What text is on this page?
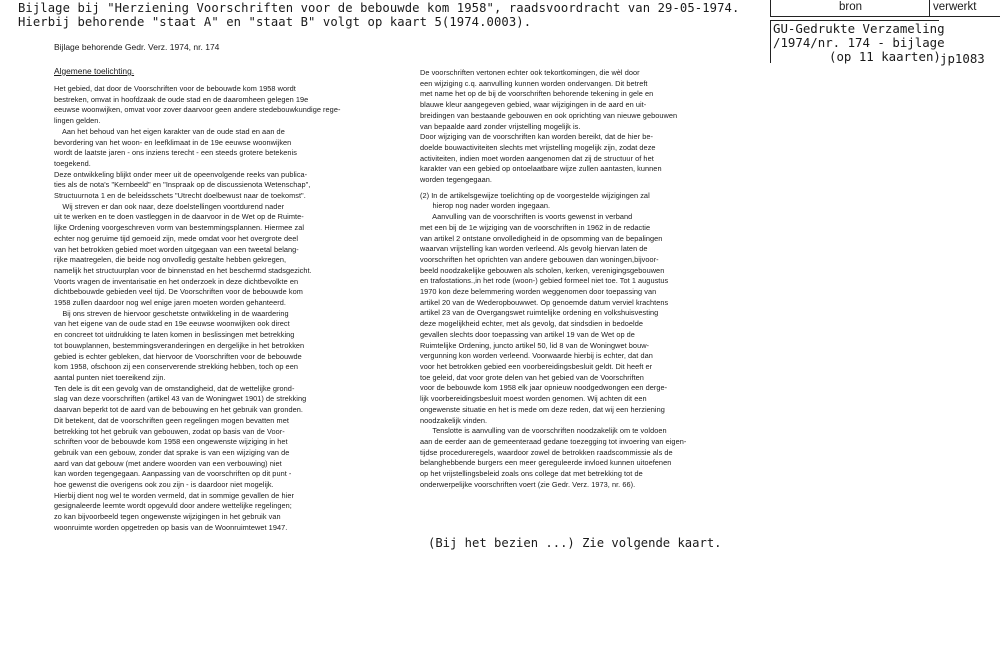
Bijlage bij "Herziening Voorschriften voor de bebouwde kom 1958", raadsvoordracht van 29-05-1974.
Hierbij behorende "staat A" en "staat B" volgt op kaart 5(1974.0003).
bron	verwerkt
GU-Gedrukte Verzameling
/1974/nr. 174 - bijlage
(op 11 kaarten) jp1083
Bijlage behorende Gedr. Verz. 1974, nr. 174
Algemene toelichting.

Het gebied, dat door de Voorschriften voor de bebouwde kom 1958 wordt

bestreken, omvat in hoofdzaak de oude stad en de daaromheen gelegen 19e

eeuwse woonwijken, omvat voor zover daarvoor geen andere stedebouwkundige rege-

lingen gelden.

Aan het behoud van het eigen karakter van de oude stad en aan de

bevordering van het woon- en leefklimaat in de 19e eeuwse woonwijken

wordt de laatste jaren - ons inziens terecht - een steeds grotere betekenis

toegekend.

Deze ontwikkeling blijkt onder meer uit de opeenvolgende reeks van publica-

ties als de nota's "Kernbeeld" en "Inspraak op de discussienota Wetenschap",

Structuurnota 1 en de beleidsschets "Utrecht doelbewust naar de toekomst".

Wij streven er dan ook naar, deze doelstellingen voortdurend nader

uit te werken en te doen vastleggen in de daarvoor in de Wet op de Ruimte-

lijke Ordening voorgeschreven vorm van bestemmingsplannen. Hiermee zal

echter nog geruime tijd gemoeid zijn, mede omdat voor het overgrote deel

van het betrokken gebied moet worden uitgegaan van een tweetal belang-

rijke maatregelen, die beide nog onvolledig gestalte hebben gekregen,

namelijk het structuurplan voor de binnenstad en het beschermd stadsgezicht.

Voorts vragen de inventarisatie en het onderzoek in deze dichtbevolkte en

dichtbebouwde gebieden veel tijd. De Voorschriften voor de bebouwde kom

1958 zullen daardoor nog wel enige jaren moeten worden gehanteerd.

Bij ons streven de hiervoor geschetste ontwikkeling in de waardering

van het eigene van de oude stad en 19e eeuwse woonwijken ook direct

en concreet tot uitdrukking te laten komen in beslissingen met betrekking

tot bouwplannen, bestemmingsveranderingen en dergelijke in het betrokken

gebied is echter gebleken, dat hiervoor de Voorschriften voor de bebouwde

kom 1958, ofschoon zij een conserverende strekking hebben, toch op een

aantal punten niet toereikend zijn.

Ten dele is dit een gevolg van de omstandigheid, dat de wettelijke grond-

slag van deze voorschriften (artikel 43 van de Woningwet 1901) de strekking

daarvan beperkt tot de aard van de bebouwing en het gebruik van gronden.

Dit betekent, dat de voorschriften geen regelingen mogen bevatten met

betrekking tot het gebruik van gebouwen, zodat op basis van de Voor-

schriften voor de bebouwde kom 1958 een ongewenste wijziging in het

gebruik van een gebouw, zonder dat sprake is van een wijziging van de

aard van dat gebouw (met andere woorden van een verbouwing) niet

kan worden tegengegaan. Aanpassing van de voorschriften op dit punt -

hoe gewenst die overigens ook zou zijn - is daardoor niet mogelijk.

Hierbij dient nog wel te worden vermeld, dat in sommige gevallen de hier

gesignaleerde leemte wordt opgevuld door andere wettelijke regelingen;

zo kan bijvoorbeeld tegen ongewenste wijzigingen in het gebruik van

woonruimte worden opgetreden op basis van de Woonruimtewet 1947.

De voorschriften vertonen echter ook tekortkomingen, die wèl door

een wijziging c.q. aanvulling kunnen worden ondervangen. Dit betreft

met name het op de bij de voorschriften behorende tekening in gele en

blauwe kleur aangegeven gebied, waar wijzigingen in de aard en uit-

breidingen van bestaande gebouwen en ook oprichting van nieuwe gebouwen

van bepaalde aard zonder vrijstelling mogelijk is.

Door wijziging van de voorschriften kan worden bereikt, dat de hier be-

doelde bouwactiviteiten slechts met vrijstelling mogelijk zijn, zodat deze

activiteiten, indien moet worden aangenomen dat zij de structuur of het

karakter van een gebied op ontoelaatbare wijze zullen aantasten, kunnen

worden tegengegaan.

(2) In de artikelsgewijze toelichting op de voorgestelde wijzigingen zal

hierop nog nader worden ingegaan.

Aanvulling van de voorschriften is voorts gewenst in verband

met een bij de 1e wijziging van de voorschriften in 1962 in de redactie

van artikel 2 ontstane onvolledigheid in de opsomming van de bepalingen

waarvan vrijstelling kan worden verleend. Als gevolg hiervan laten de

voorschriften het oprichten van andere gebouwen dan woningen,bijvoor-

beeld noodzakelijke gebouwen als scholen, kerken, verenigingsgebouwen

en trafostations.,in het rode (woon-) gebied formeel niet toe. Tot 1 augustus

1970 kon deze belemmering worden weggenomen door toepassing van

artikel 20 van de Wederopbouwwet. Op genoemde datum verviel krachtens

artikel 23 van de Overgangswet ruimtelijke ordening en volkshuisvesting

deze mogelijkheid echter, met als gevolg, dat sindsdien in bedoelde

gevallen slechts door toepassing van artikel 19 van de Wet op de

Ruimtelijke Ordening, juncto artikel 50, lid 8 van de Woningwet bouw-

vergunning kon worden verleend. Voorwaarde hierbij is echter, dat dan

voor het betrokken gebied een voorbereidingsbesluit geldt. Dit heeft er

toe geleid, dat voor grote delen van het gebied van de Voorschriften

voor de bebouwde kom 1958 elk jaar opnieuw noodgedwongen een derge-

lijk voorbereidingsbesluit moest worden genomen. Wij achten dit een

ongewenste situatie en het is mede om deze reden, dat wij een herziening

noodzakelijk vinden.

Tenslotte is aanvulling van de voorschriften noodzakelijk om te voldoen

aan de eerder aan de gemeenteraad gedane toezegging tot invoering van eigen-

tijdse procedureregels, waardoor zowel de betrokken raadscommissie als de

belanghebbende burgers een meer gereguleerde invloed kunnen uitoefenen

op het vrijstellingsbeleid zoals ons college dat met betrekking tot de

onderwerpelijke voorschriften voert (zie Gedr. Verz. 1973, nr. 66).

(Bij het bezien ...) Zie volgende kaart.
